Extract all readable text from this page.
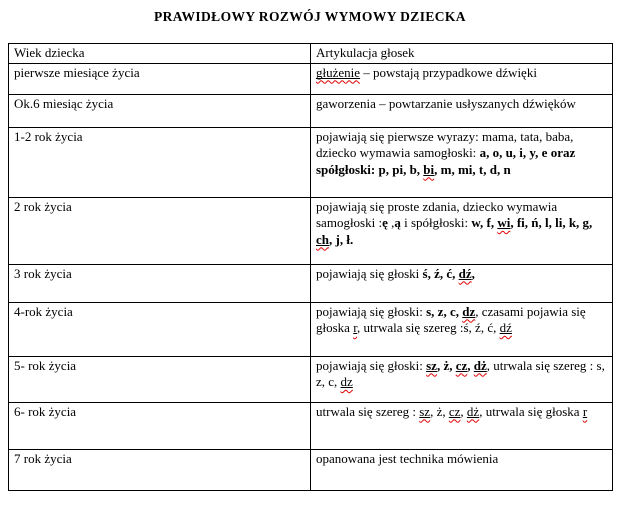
PRAWIDŁOWY ROZWÓJ WYMOWY DZIECKA
Wiek dziecka	Artykulacja głosek
pierwsze miesiące życia	głużenie – powstają przypadkowe dźwięki
Ok.6 miesiąc życia	gaworzenia – powtarzanie usłyszanych dźwięków
1-2 rok życia	pojawiają się pierwsze wyrazy: mama, tata, baba, dziecko wymawia samogłoski: a, o, u, i, y, e oraz spółgłoski: p, pi, b, bi, m, mi, t, d, n
2 rok życia	pojawiają się proste zdania, dziecko wymawia samogłoski :ę ,ą i spółgłoski: w, f, wi, fi, ń, l, li, k, g, ch, j, ł.
3 rok życia	pojawiają się głoski ś, ź, ć, dź,
4-rok życia	pojawiają się głoski: s, z, c, dz, czasami pojawia się głoska r, utrwala się szereg :ś, ź, ć, dź
5- rok życia	pojawiają się głoski: sz, ż, cz, dż, utrwala się szereg : s, z, c, dz
6- rok życia	utrwala się szereg : sz, ż, cz, dż, utrwala się głoska r
7 rok życia	opanowana jest technika mówienia
